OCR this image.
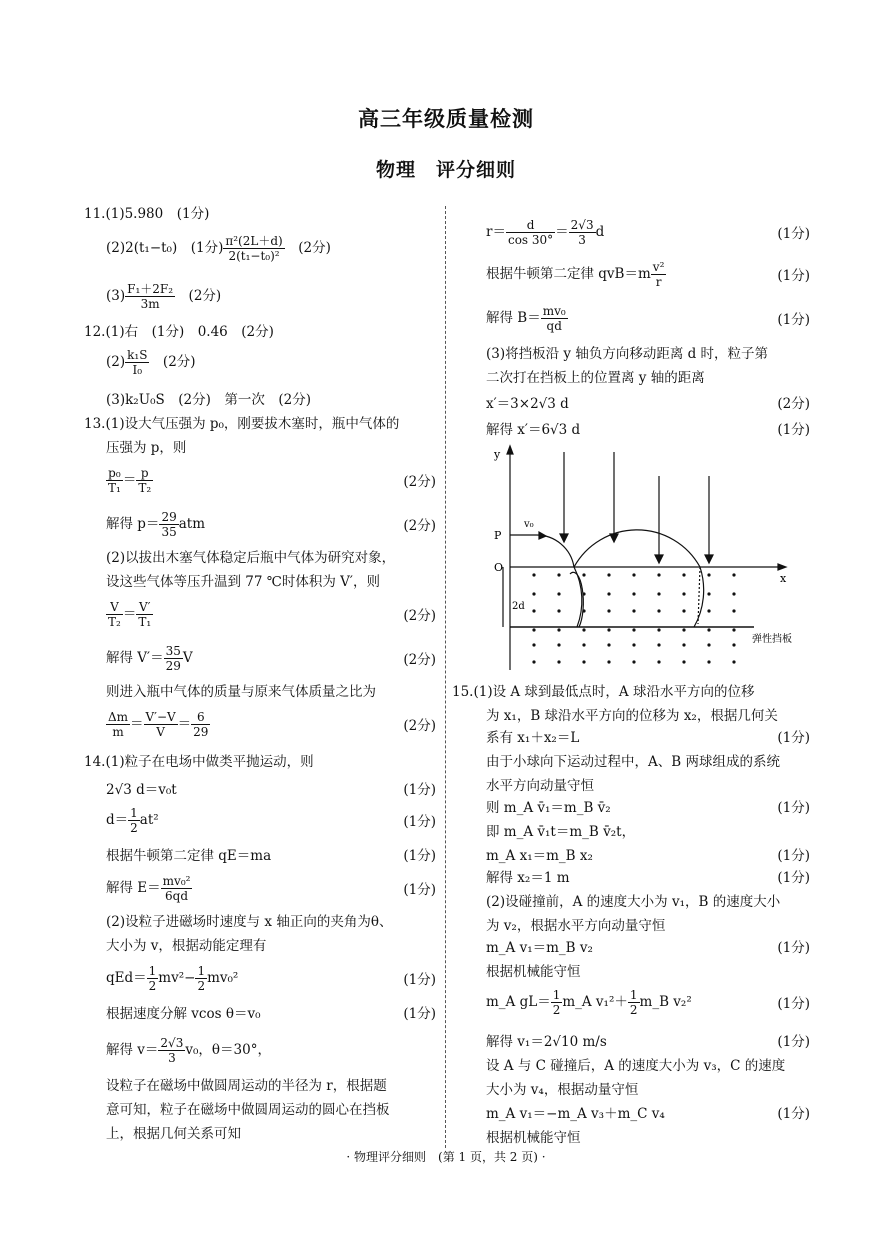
高三年级质量检测
物理　评分细则
11.(1)5.980　(1分)
(2)2(t₁−t₀)　(1分) $\frac{\text{π²(2L＋d)}}{\text{2(t₁−t₀)²}}$ 　(2分)
$(3) \frac{\text{F₁＋2F₂}}{3m}$ 　(2分)
12.(1)右　(1分)　0.46　(2分)
$(2) \frac{\text{k₁S}}{\text{I₀}}$ 　(2分)
(3)k₂U₀S　(2分)　第一次　(2分)
13.(1)设大气压强为 p₀，刚要拔木塞时，瓶中气体的
压强为 p，则
$\frac{\text{p₀}}{\text{T₁}} = \frac{p}{\text{T₂}}$	(2分)
解得 $p= \frac{29}{35}$ atm	(2分)
(2)以拔出木塞气体稳定后瓶中气体为研究对象，
设这些气体等压升温到 77 ℃时体积为 V′，则
$\frac{V}{\text{T₂}} = \frac{V'}{\text{T₁}}$	(2分)
解得 $V'= \frac{35}{29}$ V	(2分)
则进入瓶中气体的质量与原来气体质量之比为
$\frac{\Delta m}{m} = \frac{V'-V}{V} = \frac{6}{29}$	(2分)
14.(1)粒子在电场中做类平抛运动，则
2√3 d＝v₀t	(1分)
$d= \frac{1}{2} at^2$	(1分)
根据牛顿第二定律 qE＝ma	(1分)
解得 $E= \frac{\text{mv₀²}}{6qd}$	(1分)
(2)设粒子进磁场时速度与 x 轴正向的夹角为θ、
大小为 v，根据动能定理有
$qEd= \frac{1}{2} mv^2- \frac{1}{2} mv_0^2$	(1分)
根据速度分解 vcos θ＝v₀	(1分)
解得 $v= \frac{2√3}{3} v_0$，θ＝30°，
设粒子在磁场中做圆周运动的半径为 r，根据题
意可知，粒子在磁场中做圆周运动的圆心在挡板
上，根据几何关系可知
$r= \frac{d}{\cos 30^\circ} = \frac{2√3}{3}$ d	(1分)
根据牛顿第二定律 $qvB=m \frac{\text{v²}}{r}$	(1分)
解得 $B= \frac{\text{mv₀}}{qd}$	(1分)
(3)将挡板沿 y 轴负方向移动距离 d 时，粒子第
二次打在挡板上的位置离 y 轴的距离
x′＝3×2√3 d	(2分)
解得 x′＝6√3 d	(1分)
15.(1)设 A 球到最低点时，A 球沿水平方向的位移
为 x₁，B 球沿水平方向的位移为 x₂，根据几何关
系有 x₁＋x₂＝L	(1分)
由于小球向下运动过程中，A、B 两球组成的系统
水平方向动量守恒
则 m_A v̄₁＝m_B v̄₂	(1分)
即 m_A v̄₁t＝m_B v̄₂t，
m_A x₁＝m_B x₂	(1分)
解得 x₂＝1 m	(1分)
(2)设碰撞前，A 的速度大小为 v₁，B 的速度大小
为 v₂，根据水平方向动量守恒
m_A v₁＝m_B v₂	(1分)
根据机械能守恒
m_A $gL= \frac{1}{2}$ m_A $v_1^2+ \frac{1}{2}$ m_B v₂²	(1分)
解得 v₁＝2√10 m/s	(1分)
设 A 与 C 碰撞后，A 的速度大小为 v₃，C 的速度
大小为 v₄，根据动量守恒
m_A v₁＝−m_A v₃＋m_C v₄	(1分)
根据机械能守恒
y
x
P
O
v₀
2d
弹性挡板
· 物理评分细则　(第 1 页，共 2 页) ·
